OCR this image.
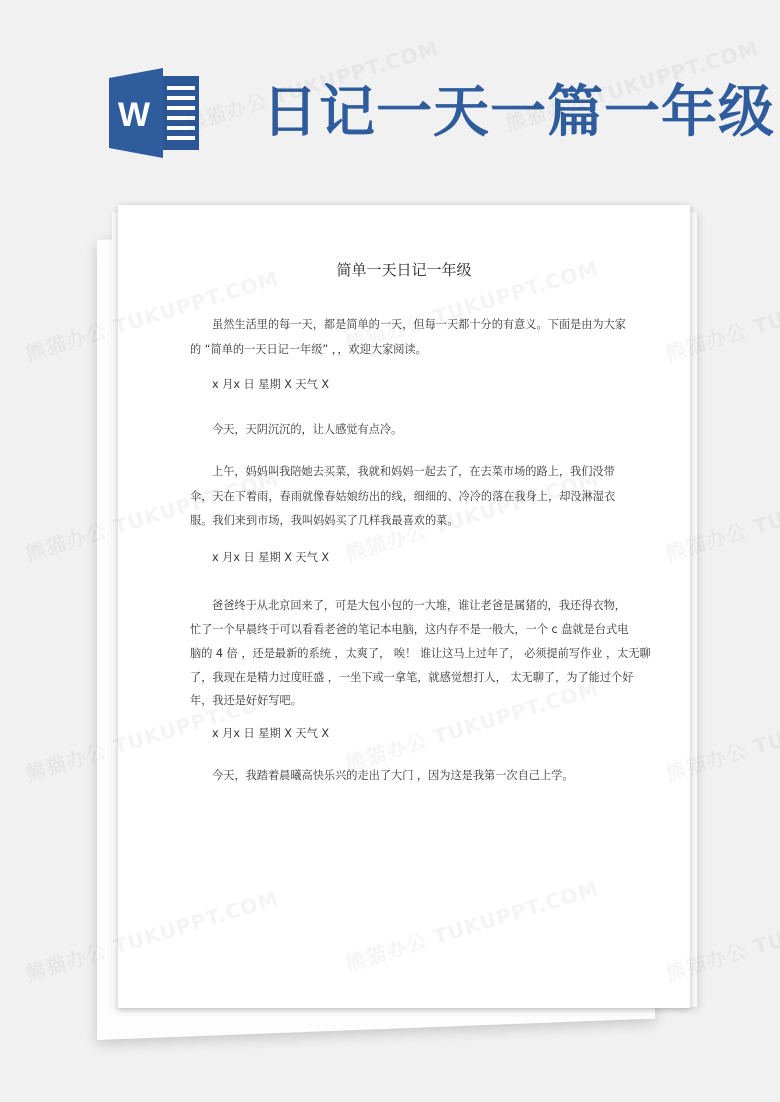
W 日记一天一篇一年级
简单一天日记一年级
虽然生活里的每一天，都是简单的一天，但每一天都十分的有意义。下面是由为大家
的 “简单的一天日记一年级” ，，欢迎大家阅读。
x 月x 日 星期 X 天气 X
今天，天阴沉沉的，让人感觉有点冷。
上午，妈妈叫我陪她去买菜，我就和妈妈一起去了，在去菜市场的路上，我们没带
伞，天在下着雨，春雨就像春姑娘纺出的线，细细的、冷冷的落在我身上，却没淋湿衣
服。我们来到市场，我叫妈妈买了几样我最喜欢的菜。
x 月x 日 星期 X 天气 X
爸爸终于从北京回来了，可是大包小包的一大堆，谁让老爸是属猪的，我还得衣物，
忙了一个早晨终于可以看看老爸的笔记本电脑，这内存不是一般大，一个 c 盘就是台式电
脑的 4 倍 ，还是最新的系统 ，太爽了， 唉！ 谁让这马上过年了， 必须提前写作业 ，太无聊
了，我现在是精力过度旺盛 ，一坐下或一拿笔，就感觉想打人， 太无聊了，为了能过个好
年，我还是好好写吧。
x 月x 日 星期 X 天气 X
今天，我踏着晨曦高快乐兴的走出了大门 ，因为这是我第一次自己上学。
